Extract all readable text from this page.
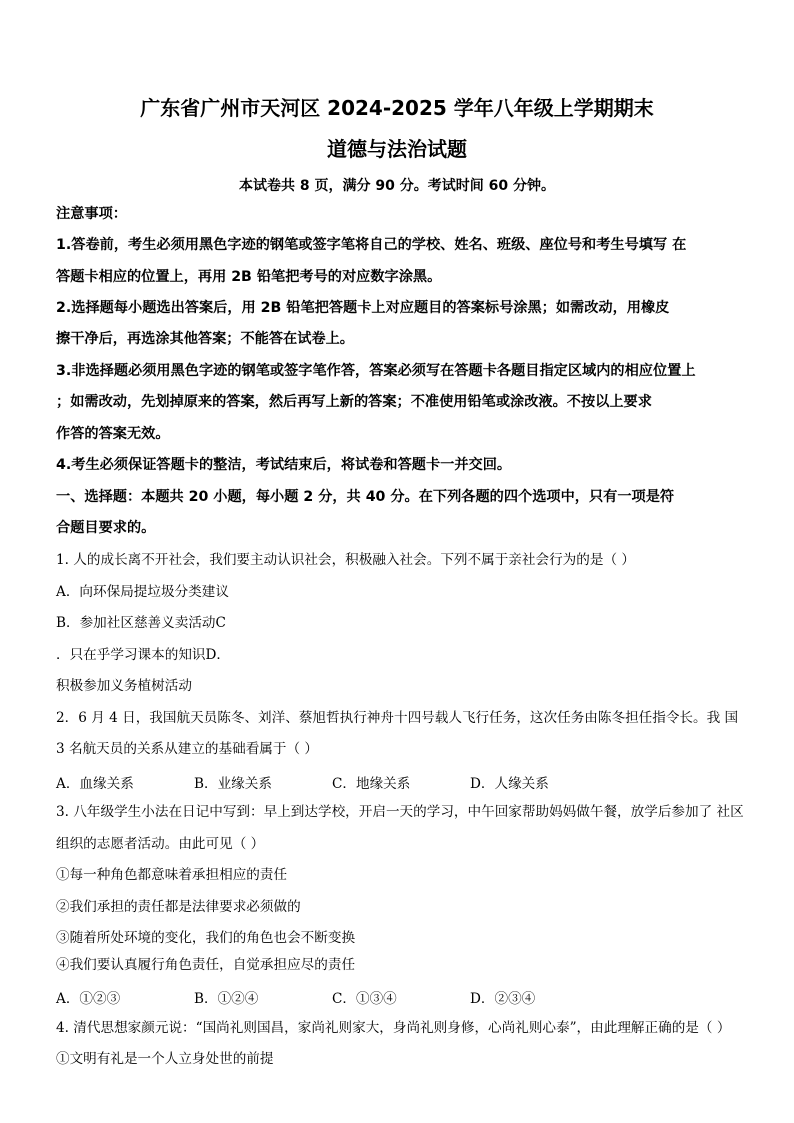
广东省广州市天河区 2024-2025 学年八年级上学期期末
道德与法治试题
本试卷共 8 页，满分 90 分。考试时间 60 分钟。
注意事项：
1.答卷前，考生必须用黑色字迹的钢笔或签字笔将自己的学校、姓名、班级、座位号和考生号填写 在
答题卡相应的位置上，再用 2B 铅笔把考号的对应数字涂黑。
2.选择题每小题选出答案后，用 2B 铅笔把答题卡上对应题目的答案标号涂黑；如需改动，用橡皮
擦干净后，再选涂其他答案；不能答在试卷上。
3.非选择题必须用黑色字迹的钢笔或签字笔作答，答案必须写在答题卡各题目指定区域内的相应位置上
；如需改动，先划掉原来的答案，然后再写上新的答案；不准使用铅笔或涂改液。不按以上要求
作答的答案无效。
4.考生必须保证答题卡的整洁，考试结束后，将试卷和答题卡一并交回。
一、选择题：本题共 20 小题，每小题 2 分，共 40 分。在下列各题的四个选项中，只有一项是符
合题目要求的。
1. 人的成长离不开社会，我们要主动认识社会，积极融入社会。下列不属于亲社会行为的是（ ）
A．向环保局提垃圾分类建议
B．参加社区慈善义卖活动C
．只在乎学习课本的知识D．
积极参加义务植树活动
2．6 月 4 日，我国航天员陈冬、刘洋、蔡旭哲执行神舟十四号载人飞行任务，这次任务由陈冬担任指令长。我 国
3 名航天员的关系从建立的基础看属于（ ）
A．血缘关系	B．业缘关系	C．地缘关系	D．人缘关系
3. 八年级学生小法在日记中写到：早上到达学校，开启一天的学习，中午回家帮助妈妈做午餐，放学后参加了 社区
组织的志愿者活动。由此可见（ ）
①每一种角色都意味着承担相应的责任
②我们承担的责任都是法律要求必须做的
③随着所处环境的变化，我们的角色也会不断变换
④我们要认真履行角色责任，自觉承担应尽的责任
A．①②③	B．①②④	C．①③④	D．②③④
4. 清代思想家颜元说：“国尚礼则国昌，家尚礼则家大，身尚礼则身修，心尚礼则心泰”，由此理解正确的是（ ）
①文明有礼是一个人立身处世的前提
